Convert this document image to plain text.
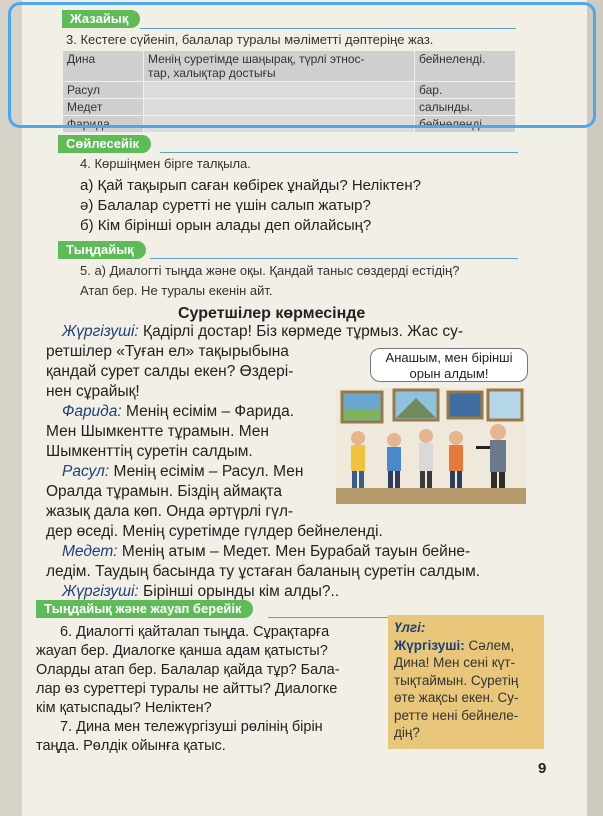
Жазайық
3. Кестеге сүйеніп, балалар туралы мәліметті дәптеріңе жаз.
Дина	Менің суретімде шаңырақ, түрлі этнос-
тар, халықтар достығы	бейнеленді.
Расул		бар.
Медет		салынды.
Фарида		бейнеленді.
Сөйлесейік
4. Көршіңмен бірге талқыла.
а) Қай тақырып саған көбірек ұнайды? Неліктен?
ә) Балалар суретті не үшін салып жатыр?
б) Кім бірінші орын алады деп ойлайсың?
Тыңдайық
5. а) Диалогті тыңда және оқы. Қандай таныс сөздерді естідің?
Атап бер. Не туралы екенін айт.
Суретшілер көрмесінде
Анашым, мен бірінші
орын алдым!
Жүргізуші: Қадірлі достар! Біз көрмеде тұрмыз. Жас су-
ретшілер «Туған ел» тақырыбына
қандай сурет салды екен? Өздері-
нен сұрайық!
Фарида: Менің есімім – Фарида.
Мен Шымкентте тұрамын. Мен
Шымкенттің суретін салдым.
Расул: Менің есімім – Расул. Мен
Оралда тұрамын. Біздің аймақта
жазық дала көп. Онда әртүрлі гүл-
дер өседі. Менің суретімде гүлдер бейнеленді.
Медет: Менің атым – Медет. Мен Бурабай тауын бейне-
ледім. Таудың басында ту ұстаған баланың суретін салдым.
Жүргізуші: Бірінші орынды кім алды?..
Тыңдайық және жауап берейік
6. Диалогті қайталап тыңда. Сұрақтарға
жауап бер. Диалогке қанша адам қатысты?
Оларды атап бер. Балалар қайда тұр? Бала-
лар өз суреттері туралы не айтты? Диалогке
кім қатыспады? Неліктен?
7. Дина мен тележүргізуші рөлінің бірін
таңда. Рөлдік ойынға қатыс.
Үлгі:
Жүргізуші: Сәлем,
Дина! Мен сені күт-
тықтаймын. Суретің
өте жақсы екен. Су-
ретте нені бейнеле-
дің?
9
